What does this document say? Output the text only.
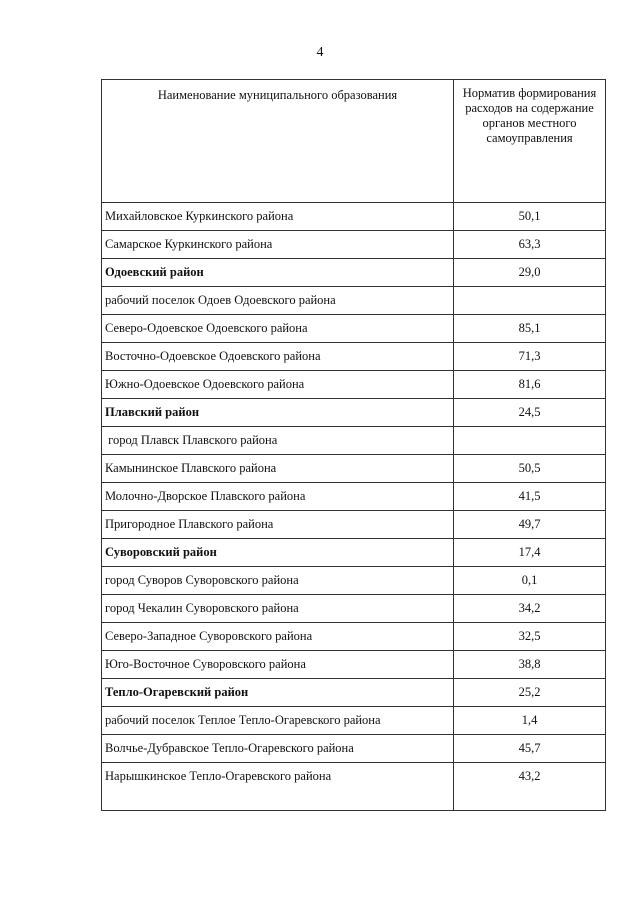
4
Наименование муниципального образования	Норматив формирования расходов на содержание органов местного самоуправления
Михайловское Куркинского района	50,1
Самарское Куркинского района	63,3
Одоевский район	29,0
рабочий поселок Одоев Одоевского района	
Северо-Одоевское Одоевского района	85,1
Восточно-Одоевское Одоевского района	71,3
Южно-Одоевское Одоевского района	81,6
Плавский район	24,5
город Плавск Плавского района	
Камынинское Плавского района	50,5
Молочно-Дворское Плавского района	41,5
Пригородное Плавского района	49,7
Суворовский район	17,4
город Суворов Суворовского района	0,1
город Чекалин Суворовского района	34,2
Северо-Западное Суворовского района	32,5
Юго-Восточное Суворовского района	38,8
Тепло-Огаревский район	25,2
рабочий поселок Теплое Тепло-Огаревского района	1,4
Волчье-Дубравское Тепло-Огаревского района	45,7

Нарышкинское Тепло-Огаревского района	43,2
